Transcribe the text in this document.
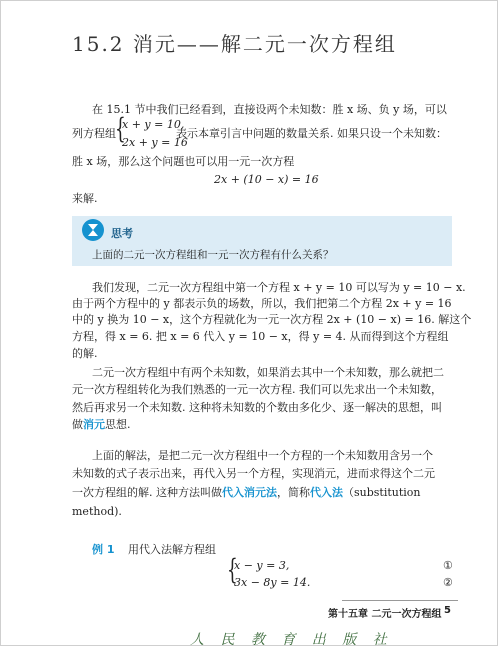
15.2 消元——解二元一次方程组
在 15.1 节中我们已经看到，直接设两个未知数：胜 x 场、负 y 场，可以
列方程组 {
x + y = 10,
2x + y = 16
表示本章引言中问题的数量关系. 如果只设一个未知数：
胜 x 场，那么这个问题也可以用一元一次方程
2x + (10 − x) = 16
来解.
思考
上面的二元一次方程组和一元一次方程有什么关系？
我们发现，二元一次方程组中第一个方程 x + y = 10 可以写为 y = 10 − x.
由于两个方程中的 y 都表示负的场数，所以，我们把第二个方程 2x + y = 16
中的 y 换为 10 − x，这个方程就化为一元一次方程 2x + (10 − x) = 16. 解这个
方程，得 x = 6. 把 x = 6 代入 y = 10 − x，得 y = 4. 从而得到这个方程组
的解.
二元一次方程组中有两个未知数，如果消去其中一个未知数，那么就把二
元一次方程组转化为我们熟悉的一元一次方程. 我们可以先求出一个未知数，
然后再求另一个未知数. 这种将未知数的个数由多化少、逐一解决的思想，叫
做消元思想.
上面的解法，是把二元一次方程组中一个方程的一个未知数用含另一个
未知数的式子表示出来，再代入另一个方程，实现消元，进而求得这个二元
一次方程组的解. 这种方法叫做代入消元法，简称代入法（substitution
method).
例 1 用代入法解方程组
{
x − y = 3,
3x − 8y = 14.
①
②
第十五章 二元一次方程组 5
人 民 教 育 出 版 社
